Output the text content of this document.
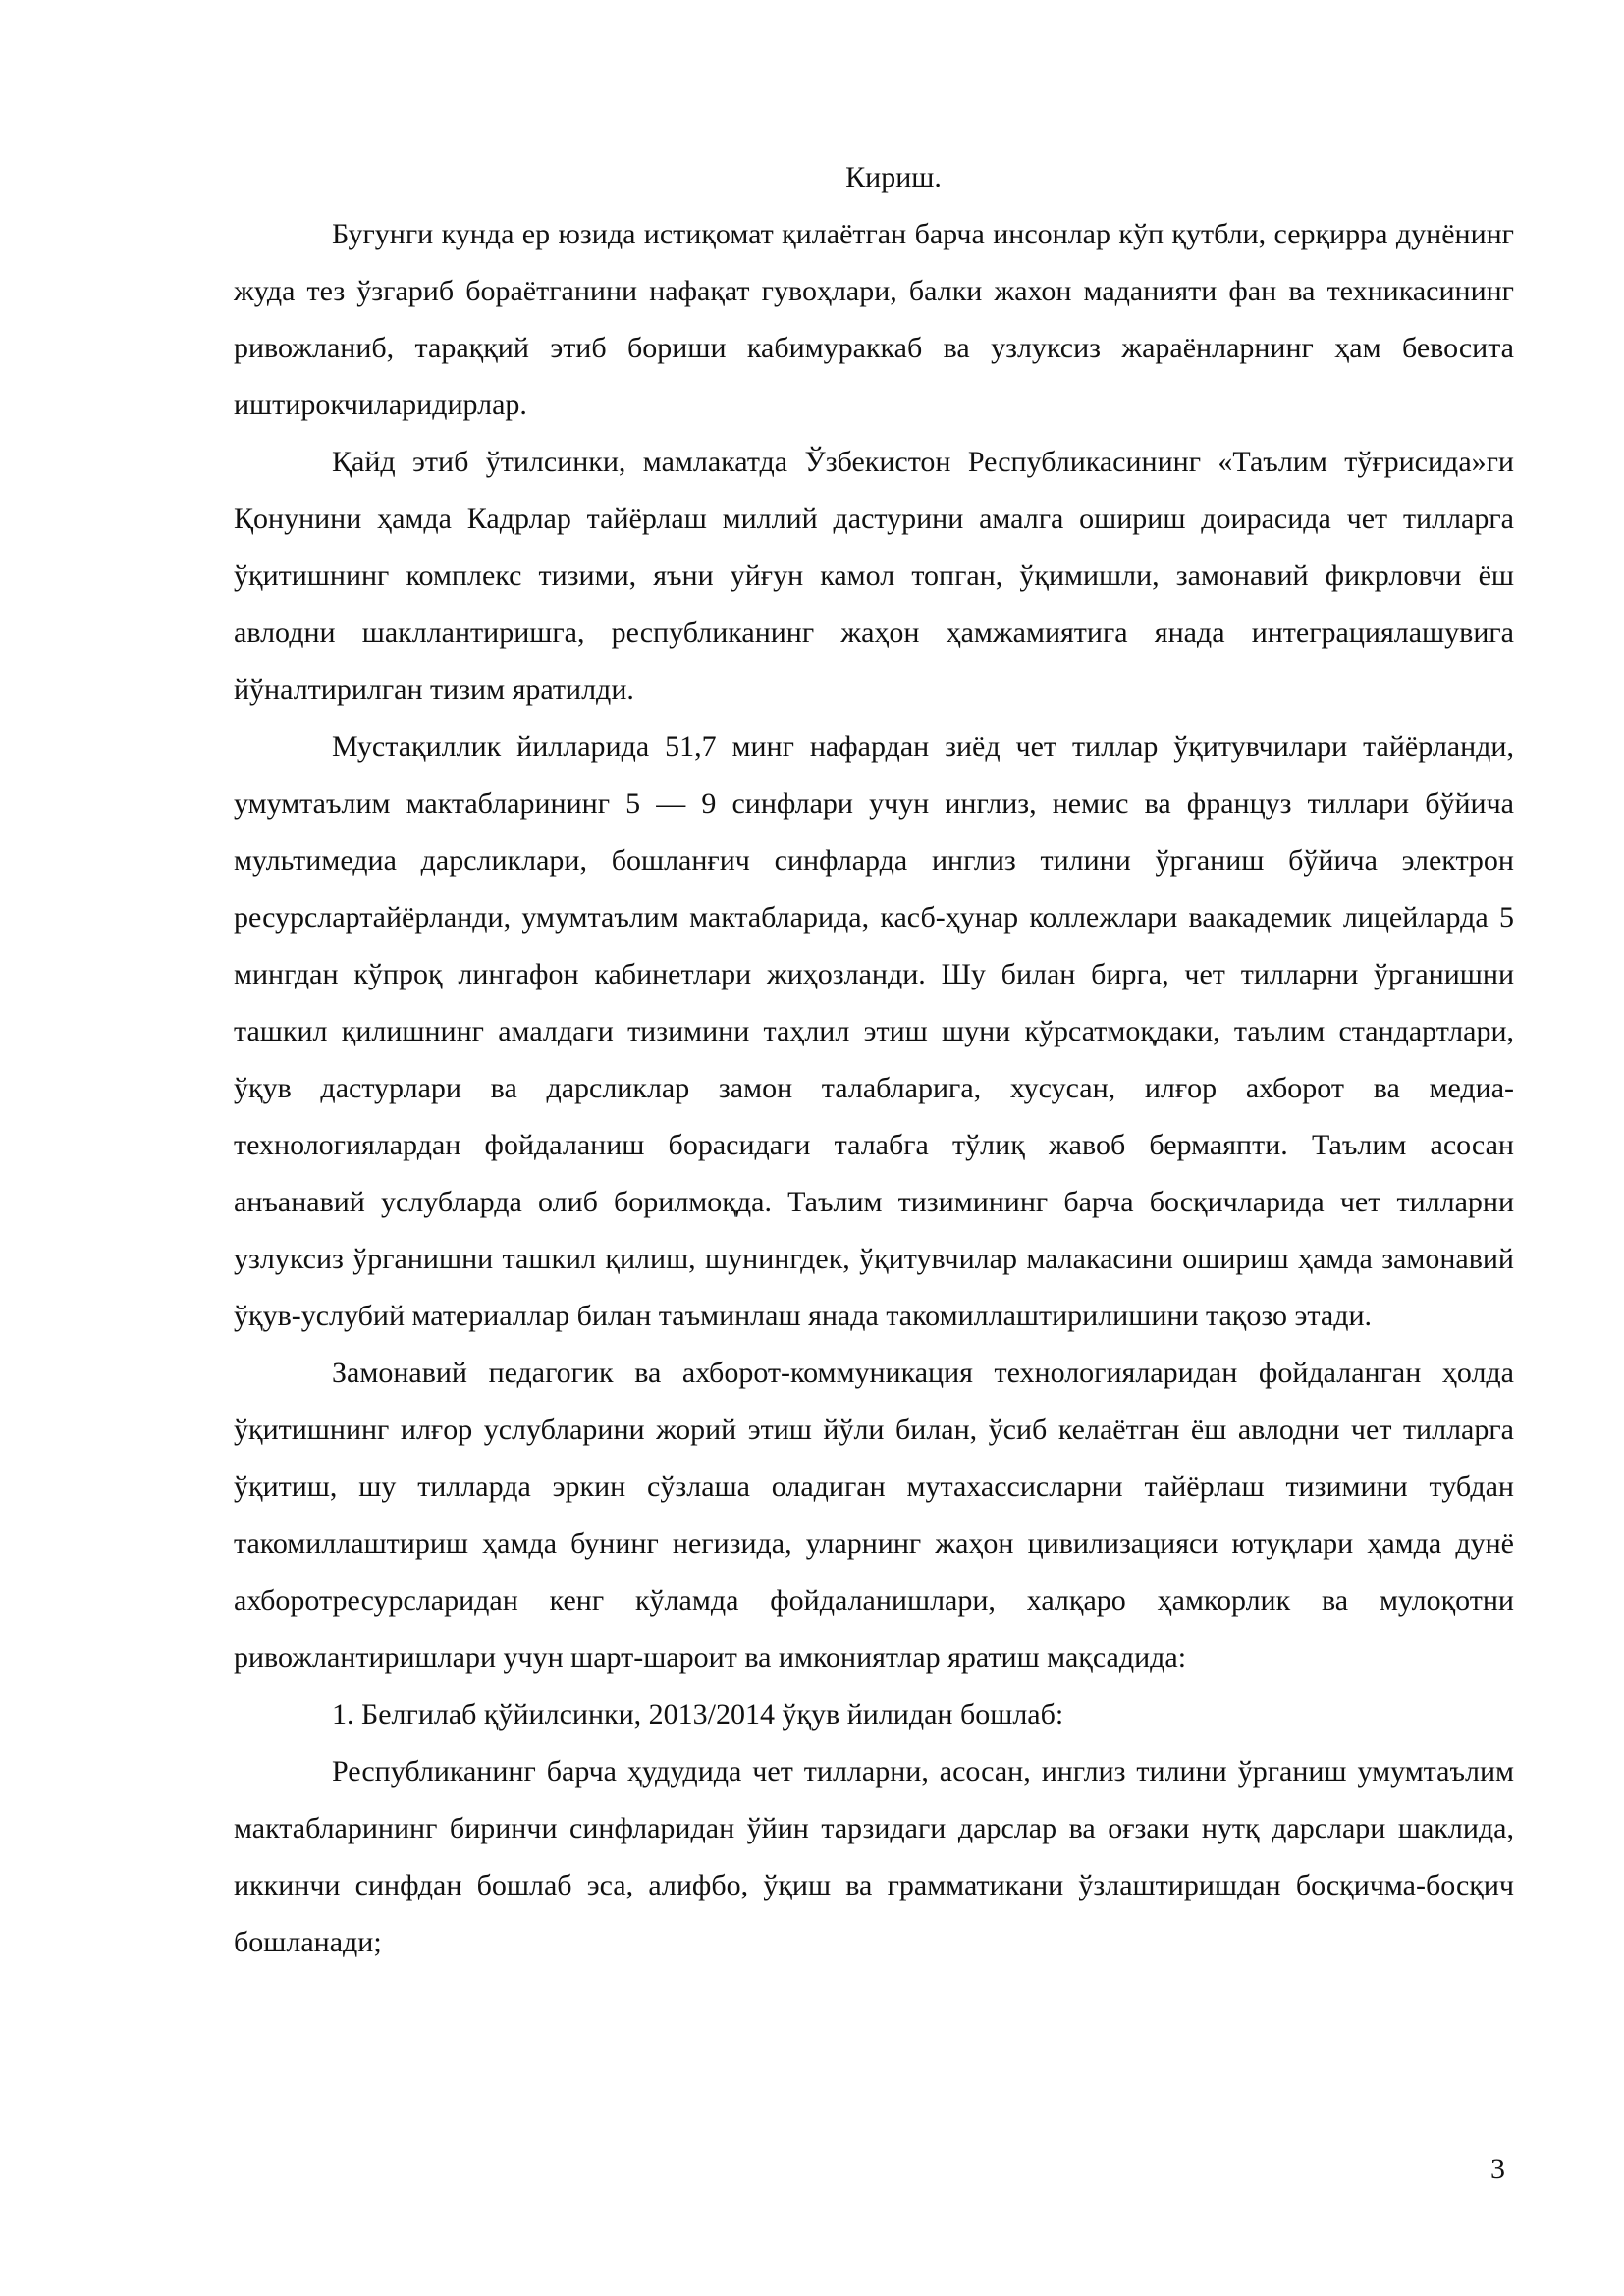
Кириш.

Бугунги кунда ер юзида истиқомат қилаётган барча инсонлар кўп қутбли, серқирра дунёнинг жуда тез ўзгариб бораётганини нафақат гувоҳлари, балки жахон маданияти фан ва техникасининг ривожланиб, тараққий этиб бориши кабимураккаб ва узлуксиз жараёнларнинг ҳам бевосита иштирокчиларидирлар.

Қайд этиб ўтилсинки, мамлакатда Ўзбекистон Республикасининг «Таълим тўғрисида»ги Қонунини ҳамда Кадрлар тайёрлаш миллий дастурини амалга ошириш доирасида чет тилларга ўқитишнинг комплекс тизими, яъни уйғун камол топган, ўқимишли, замонавий фикрловчи ёш авлодни шакллантиришга, республиканинг жаҳон ҳамжамиятига янада интеграциялашувига йўналтирилган тизим яратилди.

Мустақиллик йилларида 51,7 минг нафардан зиёд чет тиллар ўқитувчилари тайёрланди, умумтаълим мактабларининг 5 — 9 синфлари учун инглиз, немис ва француз тиллари бўйича мультимедиа дарсликлари, бошланғич синфларда инглиз тилини ўрганиш бўйича электрон ресурслартайёрланди, умумтаълим мактабларида, касб-ҳунар коллежлари ваакадемик лицейларда 5 мингдан кўпроқ лингафон кабинетлари жиҳозланди. Шу билан бирга, чет тилларни ўрганишни ташкил қилишнинг амалдаги тизимини таҳлил этиш шуни кўрсатмоқдаки, таълим стандартлари, ўқув дастурлари ва дарсликлар замон талабларига, хусусан, илғор ахборот ва медиа-технологиялардан фойдаланиш борасидаги талабга тўлиқ жавоб бермаяпти. Таълим асосан анъанавий услубларда олиб борилмоқда. Таълим тизимининг барча босқичларида чет тилларни узлуксиз ўрганишни ташкил қилиш, шунингдек, ўқитувчилар малакасини ошириш ҳамда замонавий ўқув-услубий материаллар билан таъминлаш янада такомиллаштирилишини тақозо этади.

Замонавий педагогик ва ахборот-коммуникация технологияларидан фойдаланган ҳолда ўқитишнинг илғор услубларини жорий этиш йўли билан, ўсиб келаётган ёш авлодни чет тилларга ўқитиш, шу тилларда эркин сўзлаша оладиган мутахассисларни тайёрлаш тизимини тубдан такомиллаштириш ҳамда бунинг негизида, уларнинг жаҳон цивилизацияси ютуқлари ҳамда дунё ахборотресурсларидан кенг кўламда фойдаланишлари, халқаро ҳамкорлик ва мулоқотни ривожлантиришлари учун шарт-шароит ва имкониятлар яратиш мақсадида:

1. Белгилаб қўйилсинки, 2013/2014 ўқув йилидан бошлаб:

Республиканинг барча ҳудудида чет тилларни, асосан, инглиз тилини ўрганиш умумтаълим мактабларининг биринчи синфларидан ўйин тарзидаги дарслар ва оғзаки нутқ дарслари шаклида, иккинчи синфдан бошлаб эса, алифбо, ўқиш ва грамматикани ўзлаштиришдан босқичма-босқич бошланади;

3
